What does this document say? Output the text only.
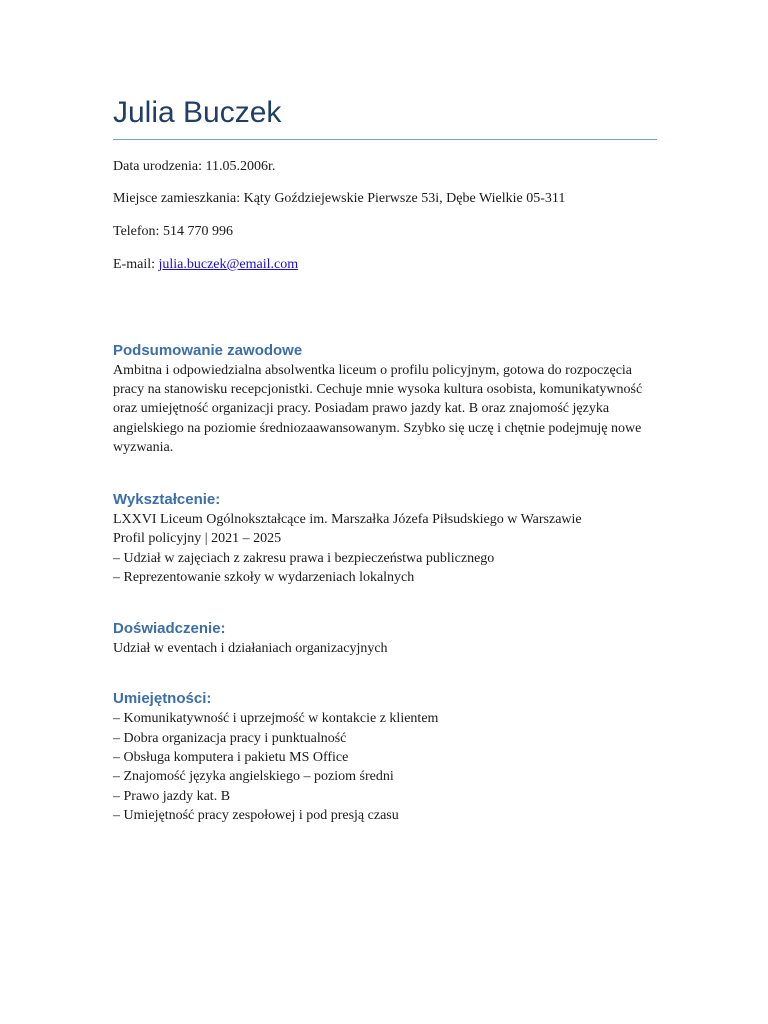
Julia Buczek

Data urodzenia: 11.05.2006r.

Miejsce zamieszkania: Kąty Goździejewskie Pierwsze 53i, Dębe Wielkie 05-311

Telefon: 514 770 996

E-mail: julia.buczek@email.com

Podsumowanie zawodowe

Ambitna i odpowiedzialna absolwentka liceum o profilu policyjnym, gotowa do rozpoczęcia pracy na stanowisku recepcjonistki. Cechuje mnie wysoka kultura osobista, komunikatywność oraz umiejętność organizacji pracy. Posiadam prawo jazdy kat. B oraz znajomość języka angielskiego na poziomie średniozaawansowanym. Szybko się uczę i chętnie podejmuję nowe wyzwania.

Wykształcenie:
LXXVI Liceum Ogólnokształcące im. Marszałka Józefa Piłsudskiego w Warszawie
Profil policyjny | 2021 – 2025
– Udział w zajęciach z zakresu prawa i bezpieczeństwa publicznego
– Reprezentowanie szkoły w wydarzeniach lokalnych
Doświadczenie:

Udział w eventach i działaniach organizacyjnych

Umiejętności:
– Komunikatywność i uprzejmość w kontakcie z klientem
– Dobra organizacja pracy i punktualność
– Obsługa komputera i pakietu MS Office
– Znajomość języka angielskiego – poziom średni
– Prawo jazdy kat. B
– Umiejętność pracy zespołowej i pod presją czasu
